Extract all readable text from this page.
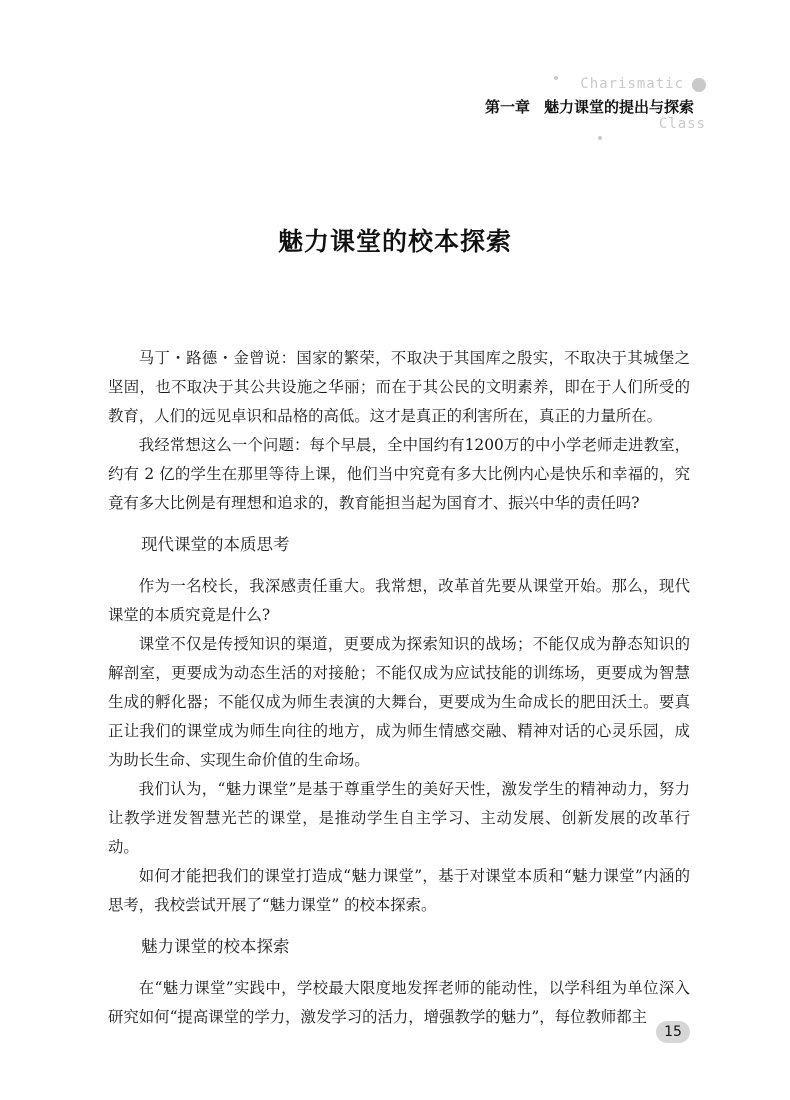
Charismatic
Class
第一章 魅力课堂的提出与探索
魅力课堂的校本探索

马丁・路德・金曾说：国家的繁荣，不取决于其国库之殷实，不取决于其城堡之坚固，也不取决于其公共设施之华丽；而在于其公民的文明素养，即在于人们所受的教育，人们的远见卓识和品格的高低。这才是真正的利害所在，真正的力量所在。

我经常想这么一个问题：每个早晨，全中国约有1200万的中小学老师走进教室，约有 2 亿的学生在那里等待上课，他们当中究竟有多大比例内心是快乐和幸福的，究竟有多大比例是有理想和追求的，教育能担当起为国育才、振兴中华的责任吗?

现代课堂的本质思考

作为一名校长，我深感责任重大。我常想，改革首先要从课堂开始。那么，现代课堂的本质究竟是什么?

课堂不仅是传授知识的渠道，更要成为探索知识的战场；不能仅成为静态知识的解剖室，更要成为动态生活的对接舱；不能仅成为应试技能的训练场，更要成为智慧生成的孵化器；不能仅成为师生表演的大舞台，更要成为生命成长的肥田沃土。要真正让我们的课堂成为师生向往的地方，成为师生情感交融、精神对话的心灵乐园，成为助长生命、实现生命价值的生命场。

我们认为，“魅力课堂”是基于尊重学生的美好天性，激发学生的精神动力，努力让教学迸发智慧光芒的课堂，是推动学生自主学习、主动发展、创新发展的改革行动。

如何才能把我们的课堂打造成“魅力课堂”，基于对课堂本质和“魅力课堂”内涵的思考，我校尝试开展了“魅力课堂” 的校本探索。

魅力课堂的校本探索

在“魅力课堂”实践中，学校最大限度地发挥老师的能动性，以学科组为单位深入研究如何“提高课堂的学力，激发学习的活力，增强教学的魅力”，每位教师都主

15
